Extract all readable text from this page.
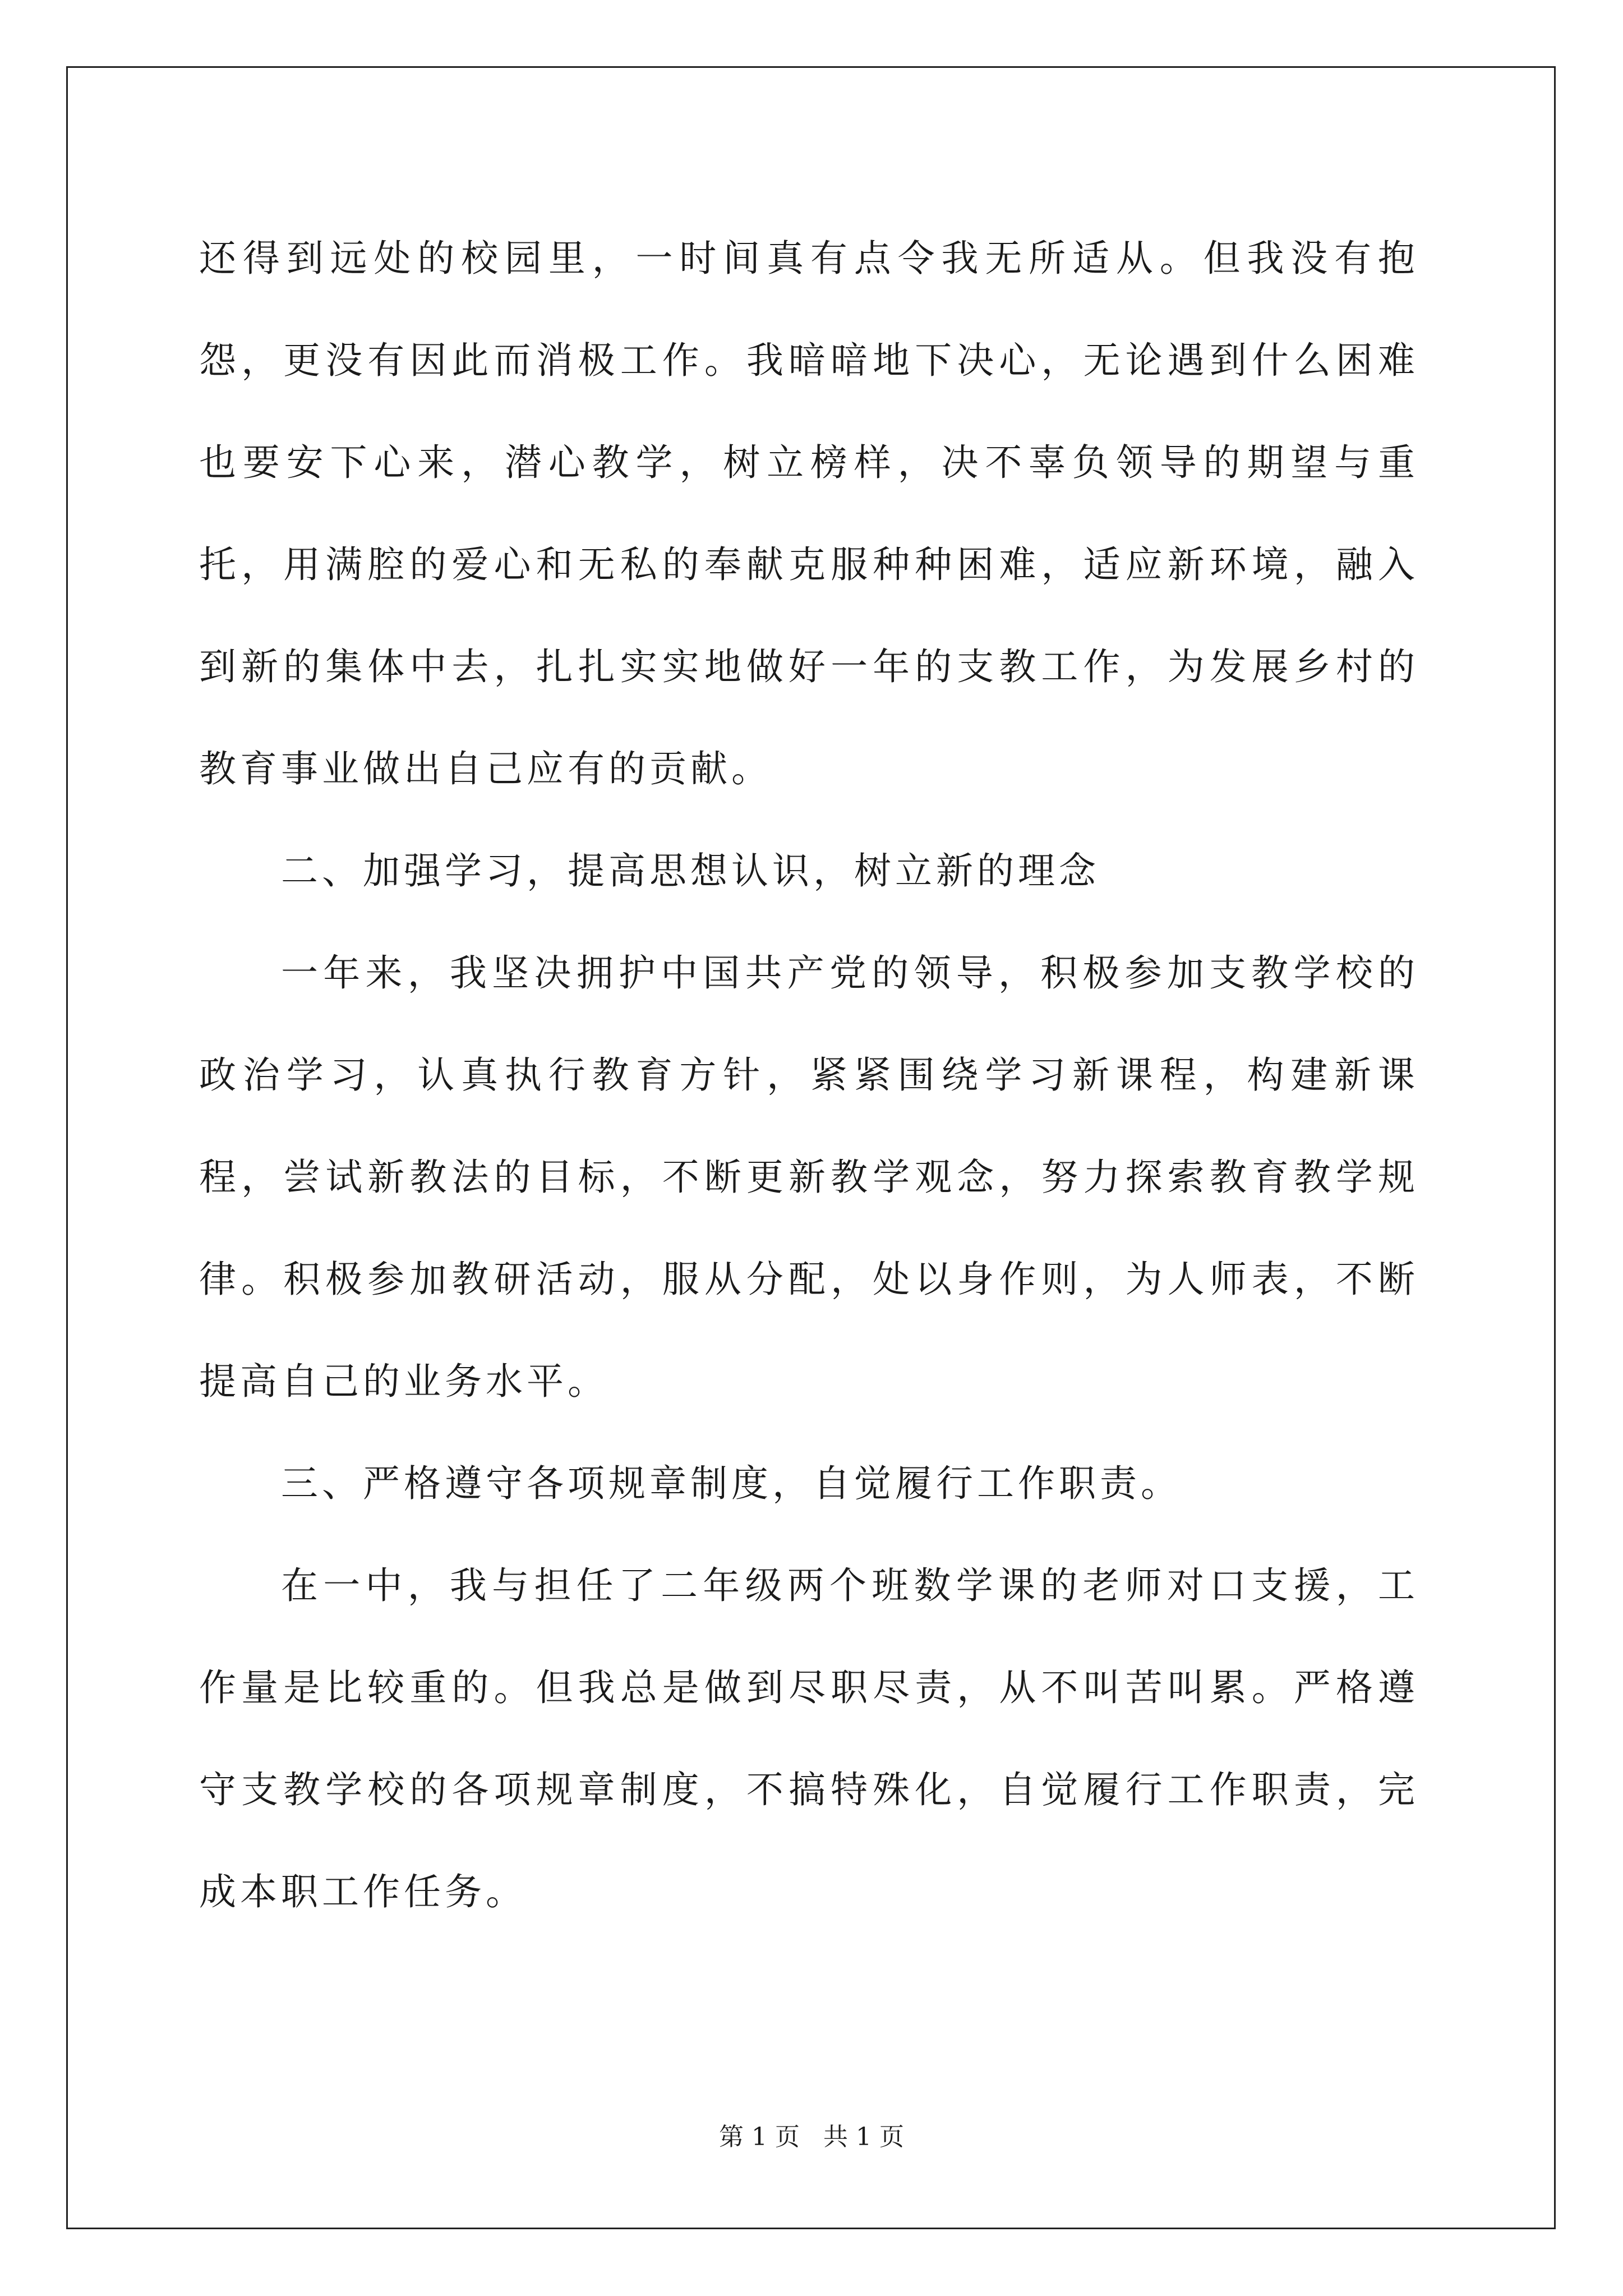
还得到远处的校园里，一时间真有点令我无所适从。但我没有抱怨，更没有因此而消极工作。我暗暗地下决心，无论遇到什么困难也要安下心来，潜心教学，树立榜样，决不辜负领导的期望与重托，用满腔的爱心和无私的奉献克服种种困难，适应新环境，融入到新的集体中去，扎扎实实地做好一年的支教工作，为发展乡村的教育事业做出自己应有的贡献。

二、加强学习，提高思想认识，树立新的理念

一年来，我坚决拥护中国共产党的领导，积极参加支教学校的政治学习，认真执行教育方针，紧紧围绕学习新课程，构建新课程，尝试新教法的目标，不断更新教学观念，努力探索教育教学规律。积极参加教研活动，服从分配，处以身作则，为人师表，不断提高自己的业务水平。

三、严格遵守各项规章制度，自觉履行工作职责。

在一中，我与担任了二年级两个班数学课的老师对口支援，工作量是比较重的。但我总是做到尽职尽责，从不叫苦叫累。严格遵守支教学校的各项规章制度，不搞特殊化，自觉履行工作职责，完成本职工作任务。

第 1 页   共 1 页
